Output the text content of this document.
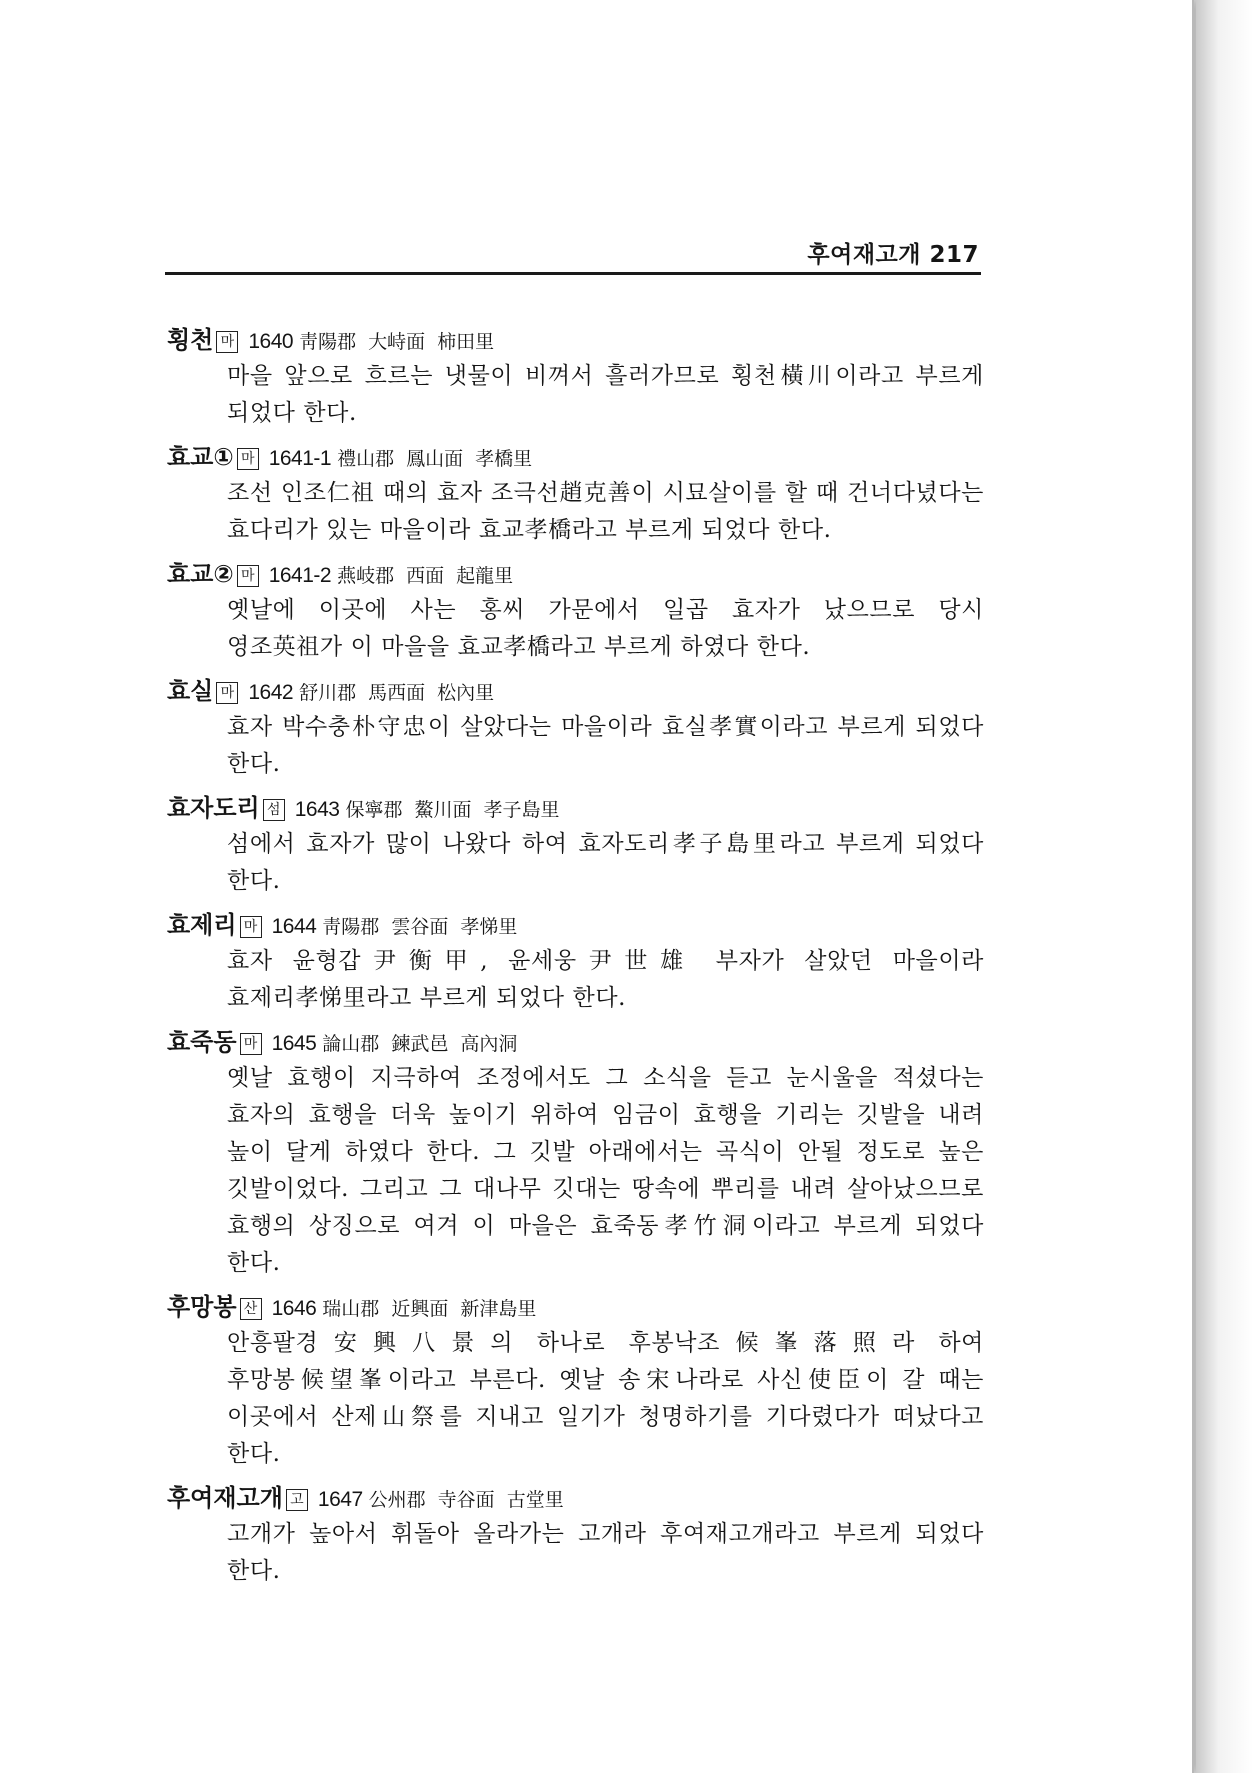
후여재고개 217
횡천 마 1640 靑陽郡 大峙面 柿田里
마을 앞으로 흐르는 냇물이 비껴서 흘러가므로 횡천橫川이라고 부르게 되었다 한다.
효교① 마 1641-1 禮山郡 鳳山面 孝橋里
조선 인조仁祖 때의 효자 조극선趙克善이 시묘살이를 할 때 건너다녔다는 효다리가 있는 마을이라 효교孝橋라고 부르게 되었다 한다.
효교② 마 1641-2 燕岐郡 西面 起龍里
옛날에 이곳에 사는 홍씨 가문에서 일곱 효자가 났으므로 당시 영조英祖가 이 마을을 효교孝橋라고 부르게 하였다 한다.
효실 마 1642 舒川郡 馬西面 松內里
효자 박수충朴守忠이 살았다는 마을이라 효실孝實이라고 부르게 되었다 한다.
효자도리 섬 1643 保寧郡 鰲川面 孝子島里
섬에서 효자가 많이 나왔다 하여 효자도리孝子島里라고 부르게 되었다 한다.
효제리 마 1644 靑陽郡 雲谷面 孝悌里
효자 윤형갑尹衡甲, 윤세웅尹世雄 부자가 살았던 마을이라 효제리孝悌里라고 부르게 되었다 한다.
효죽동 마 1645 論山郡 鍊武邑 高內洞
옛날 효행이 지극하여 조정에서도 그 소식을 듣고 눈시울을 적셨다는 효자의 효행을 더욱 높이기 위하여 임금이 효행을 기리는 깃발을 내려 높이 달게 하였다 한다. 그 깃발 아래에서는 곡식이 안될 정도로 높은 깃발이었다. 그리고 그 대나무 깃대는 땅속에 뿌리를 내려 살아났으므로 효행의 상징으로 여겨 이 마을은 효죽동孝竹洞이라고 부르게 되었다 한다.
후망봉 산 1646 瑞山郡 近興面 新津島里
안흥팔경安興八景의 하나로 후봉낙조候峯落照라 하여 후망봉候望峯이라고 부른다. 옛날 송宋나라로 사신使臣이 갈 때는 이곳에서 산제山祭를 지내고 일기가 청명하기를 기다렸다가 떠났다고 한다.
후여재고개 고 1647 公州郡 寺谷面 古堂里
고개가 높아서 휘돌아 올라가는 고개라 후여재고개라고 부르게 되었다 한다.
